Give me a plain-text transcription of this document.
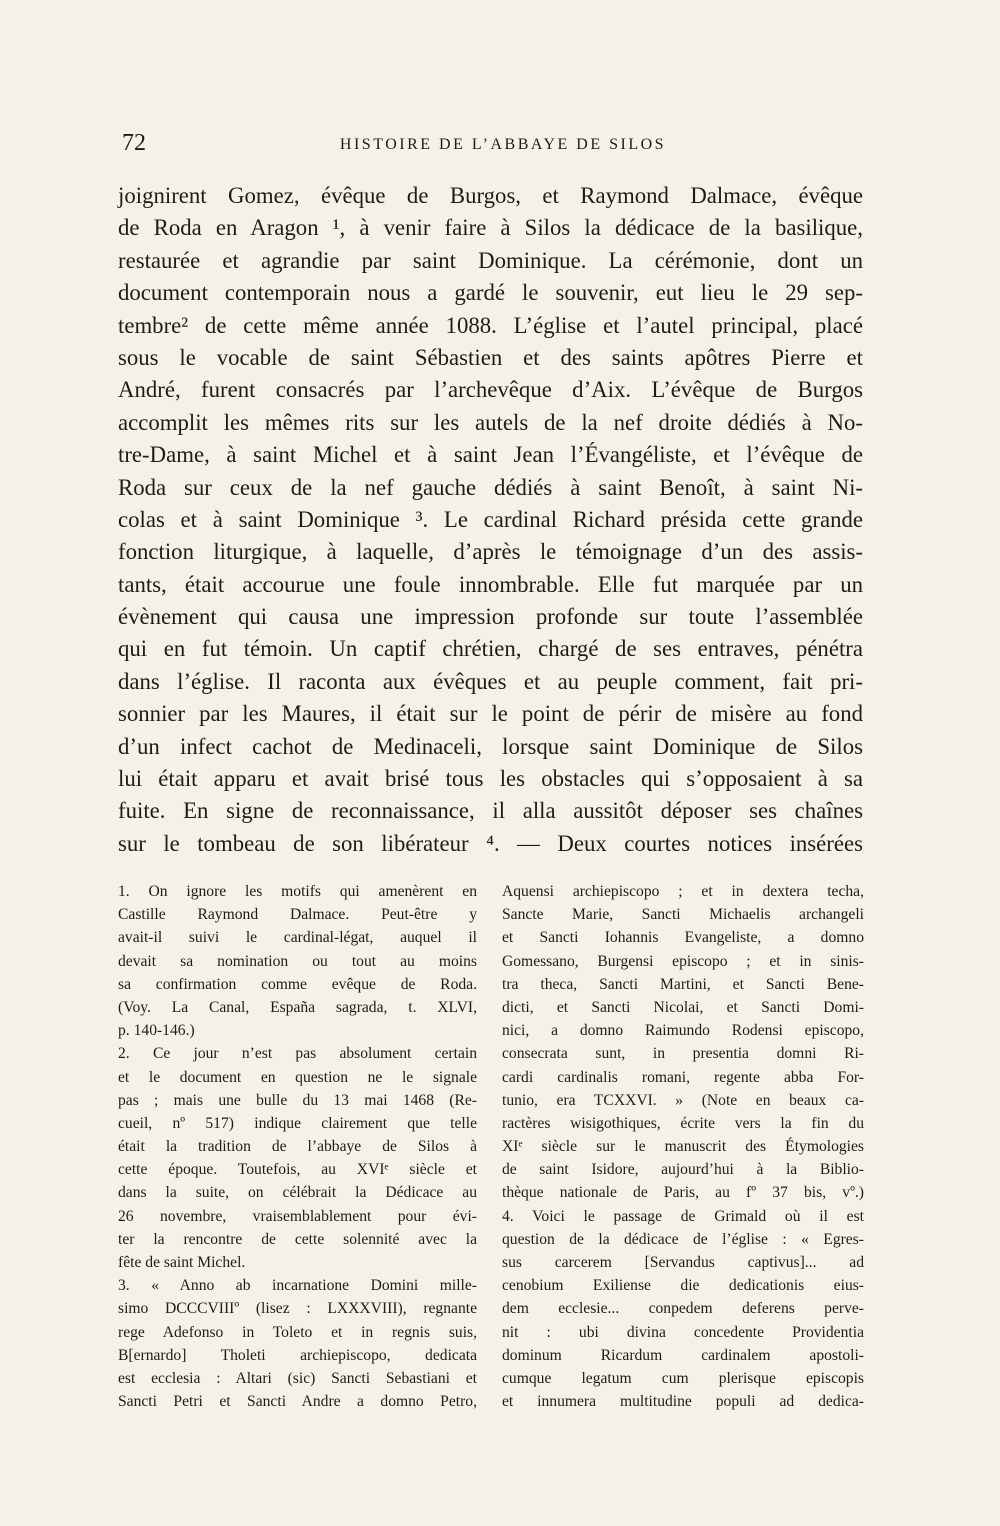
72	HISTOIRE DE L’ABBAYE DE SILOS
joignirent Gomez, évêque de Burgos, et Raymond Dalmace, évêque
de Roda en Aragon ¹, à venir faire à Silos la dédicace de la basilique,
restaurée et agrandie par saint Dominique. La cérémonie, dont un
document contemporain nous a gardé le souvenir, eut lieu le 29 sep-
tembre² de cette même année 1088. L’église et l’autel principal, placé
sous le vocable de saint Sébastien et des saints apôtres Pierre et
André, furent consacrés par l’archevêque d’Aix. L’évêque de Burgos
accomplit les mêmes rits sur les autels de la nef droite dédiés à No-
tre-Dame, à saint Michel et à saint Jean l’Évangéliste, et l’évêque de
Roda sur ceux de la nef gauche dédiés à saint Benoît, à saint Ni-
colas et à saint Dominique ³. Le cardinal Richard présida cette grande
fonction liturgique, à laquelle, d’après le témoignage d’un des assis-
tants, était accourue une foule innombrable. Elle fut marquée par un
évènement qui causa une impression profonde sur toute l’assemblée
qui en fut témoin. Un captif chrétien, chargé de ses entraves, pénétra
dans l’église. Il raconta aux évêques et au peuple comment, fait pri-
sonnier par les Maures, il était sur le point de périr de misère au fond
d’un infect cachot de Medinaceli, lorsque saint Dominique de Silos
lui était apparu et avait brisé tous les obstacles qui s’opposaient à sa
fuite. En signe de reconnaissance, il alla aussitôt déposer ses chaînes
sur le tombeau de son libérateur ⁴. — Deux courtes notices insérées
1. On ignore les motifs qui amenèrent en
Castille Raymond Dalmace. Peut-être y
avait-il suivi le cardinal-légat, auquel il
devait sa nomination ou tout au moins
sa confirmation comme evêque de Roda.
(Voy. La Canal, España sagrada, t. XLVI,
p. 140-146.)
2. Ce jour n’est pas absolument certain
et le document en question ne le signale
pas ; mais une bulle du 13 mai 1468 (Re-
cueil, nº 517) indique clairement que telle
était la tradition de l’abbaye de Silos à
cette époque. Toutefois, au XVIᵉ siècle et
dans la suite, on célébrait la Dédicace au
26 novembre, vraisemblablement pour évi-
ter la rencontre de cette solennité avec la
fête de saint Michel.
3. « Anno ab incarnatione Domini mille-
simo DCCCVIIIº (lisez : LXXXVIII), regnante
rege Adefonso in Toleto et in regnis suis,
B[ernardo] Tholeti archiepiscopo, dedicata
est ecclesia : Altari (sic) Sancti Sebastiani et
Sancti Petri et Sancti Andre a domno Petro,
Aquensi archiepiscopo ; et in dextera techa,
Sancte Marie, Sancti Michaelis archangeli
et Sancti Iohannis Evangeliste, a domno
Gomessano, Burgensi episcopo ; et in sinis-
tra theca, Sancti Martini, et Sancti Bene-
dicti, et Sancti Nicolai, et Sancti Domi-
nici, a domno Raimundo Rodensi episcopo,
consecrata sunt, in presentia domni Ri-
cardi cardinalis romani, regente abba For-
tunio, era TCXXVI. » (Note en beaux ca-
ractères wisigothiques, écrite vers la fin du
XIᵉ siècle sur le manuscrit des Étymologies
de saint Isidore, aujourd’hui à la Biblio-
thèque nationale de Paris, au fº 37 bis, vº.)
4. Voici le passage de Grimald où il est
question de la dédicace de l’église : « Egres-
sus carcerem [Servandus captivus]... ad
cenobium Exiliense die dedicationis eius-
dem ecclesie... conpedem deferens perve-
nit : ubi divina concedente Providentia
dominum Ricardum cardinalem apostoli-
cumque legatum cum plerisque episcopis
et innumera multitudine populi ad dedica-
